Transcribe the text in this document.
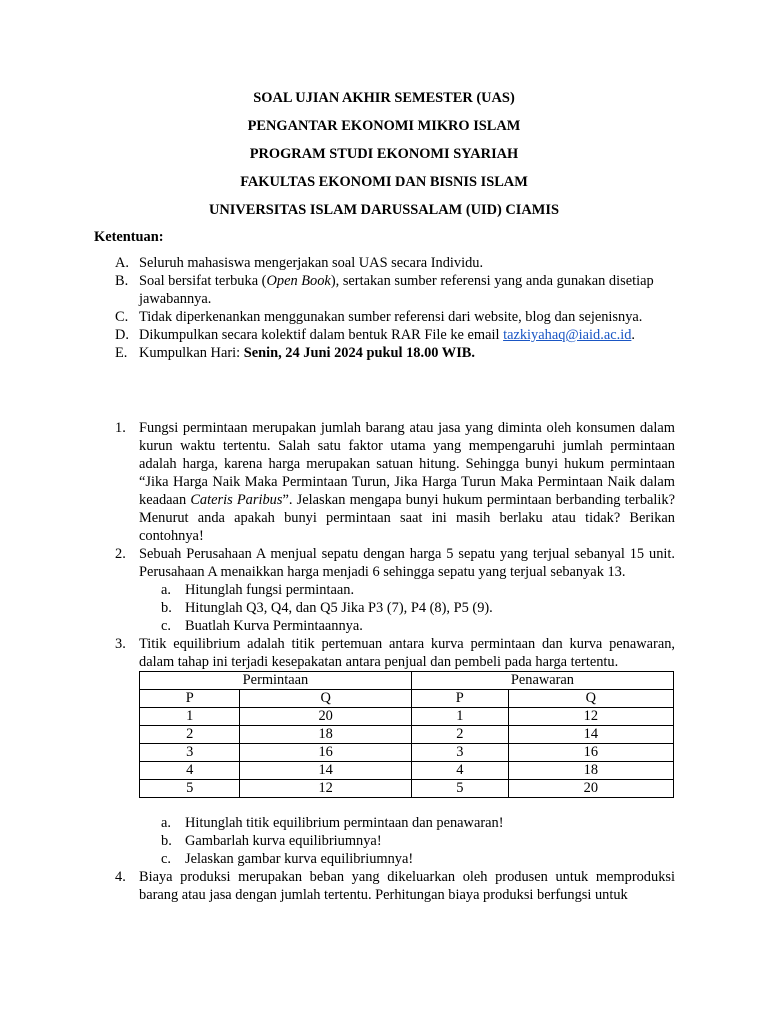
SOAL UJIAN AKHIR SEMESTER (UAS)
PENGANTAR EKONOMI MIKRO ISLAM
PROGRAM STUDI EKONOMI SYARIAH
FAKULTAS EKONOMI DAN BISNIS ISLAM
UNIVERSITAS ISLAM DARUSSALAM (UID) CIAMIS
Ketentuan:
A. Seluruh mahasiswa mengerjakan soal UAS secara Individu.
B. Soal bersifat terbuka (Open Book), sertakan sumber referensi yang anda gunakan disetiap jawabannya.
C. Tidak diperkenankan menggunakan sumber referensi dari website, blog dan sejenisnya.
D. Dikumpulkan secara kolektif dalam bentuk RAR File ke email tazkiyahaq@iaid.ac.id.
E. Kumpulkan Hari: Senin, 24 Juni 2024 pukul 18.00 WIB.
1. Fungsi permintaan merupakan jumlah barang atau jasa yang diminta oleh konsumen dalam kurun waktu tertentu. Salah satu faktor utama yang mempengaruhi jumlah permintaan adalah harga, karena harga merupakan satuan hitung. Sehingga bunyi hukum permintaan “Jika Harga Naik Maka Permintaan Turun, Jika Harga Turun Maka Permintaan Naik dalam keadaan Cateris Paribus”. Jelaskan mengapa bunyi hukum permintaan berbanding terbalik? Menurut anda apakah bunyi permintaan saat ini masih berlaku atau tidak? Berikan contohnya!
2. Sebuah Perusahaan A menjual sepatu dengan harga 5 sepatu yang terjual sebanyal 15 unit. Perusahaan A menaikkan harga menjadi 6 sehingga sepatu yang terjual sebanyak 13.
a. Hitunglah fungsi permintaan.
b. Hitunglah Q3, Q4, dan Q5 Jika P3 (7), P4 (8), P5 (9).
c. Buatlah Kurva Permintaannya.
3. Titik equilibrium adalah titik pertemuan antara kurva permintaan dan kurva penawaran, dalam tahap ini terjadi kesepakatan antara penjual dan pembeli pada harga tertentu.
Permintaan		Penawaran	
P	Q	P	Q
1	20	1	12
2	18	2	14
3	16	3	16
4	14	4	18
5	12	5	20
a. Hitunglah titik equilibrium permintaan dan penawaran!
b. Gambarlah kurva equilibriumnya!
c. Jelaskan gambar kurva equilibriumnya!
4. Biaya produksi merupakan beban yang dikeluarkan oleh produsen untuk memproduksi barang atau jasa dengan jumlah tertentu. Perhitungan biaya produksi berfungsi untuk
